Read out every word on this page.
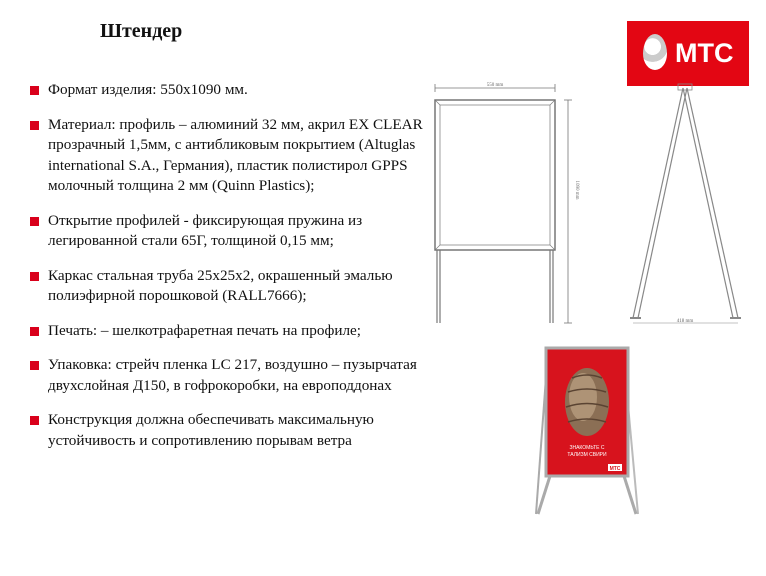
Штендер
Формат изделия: 550х1090 мм.
Материал: профиль – алюминий 32 мм, акрил EX CLEAR прозрачный 1,5мм, с антибликовым покрытием (Altuglas international S.A., Германия), пластик полистирол GPPS молочный толщина 2 мм (Quinn Plastics);
Открытие профилей - фиксирующая пружина из легированной стали 65Г, толщиной 0,15 мм;
Каркас стальная труба 25х25х2, окрашенный эмалью полиэфирной порошковой (RALL7666);
Печать: – шелкотрафаретная печать на профиле;
Упаковка: стрейч пленка LC 217, воздушно – пузырчатая двухслойная Д150, в гофрокоробки, на европоддонах
Конструкция должна обеспечивать максимальную устойчивость и сопротивлению порывам ветра
МТС
550 mm
1090 mm
418 mm
ЗНАКОМЬТЕ С
ТАЛИЗМ СВИРИ
МТС
